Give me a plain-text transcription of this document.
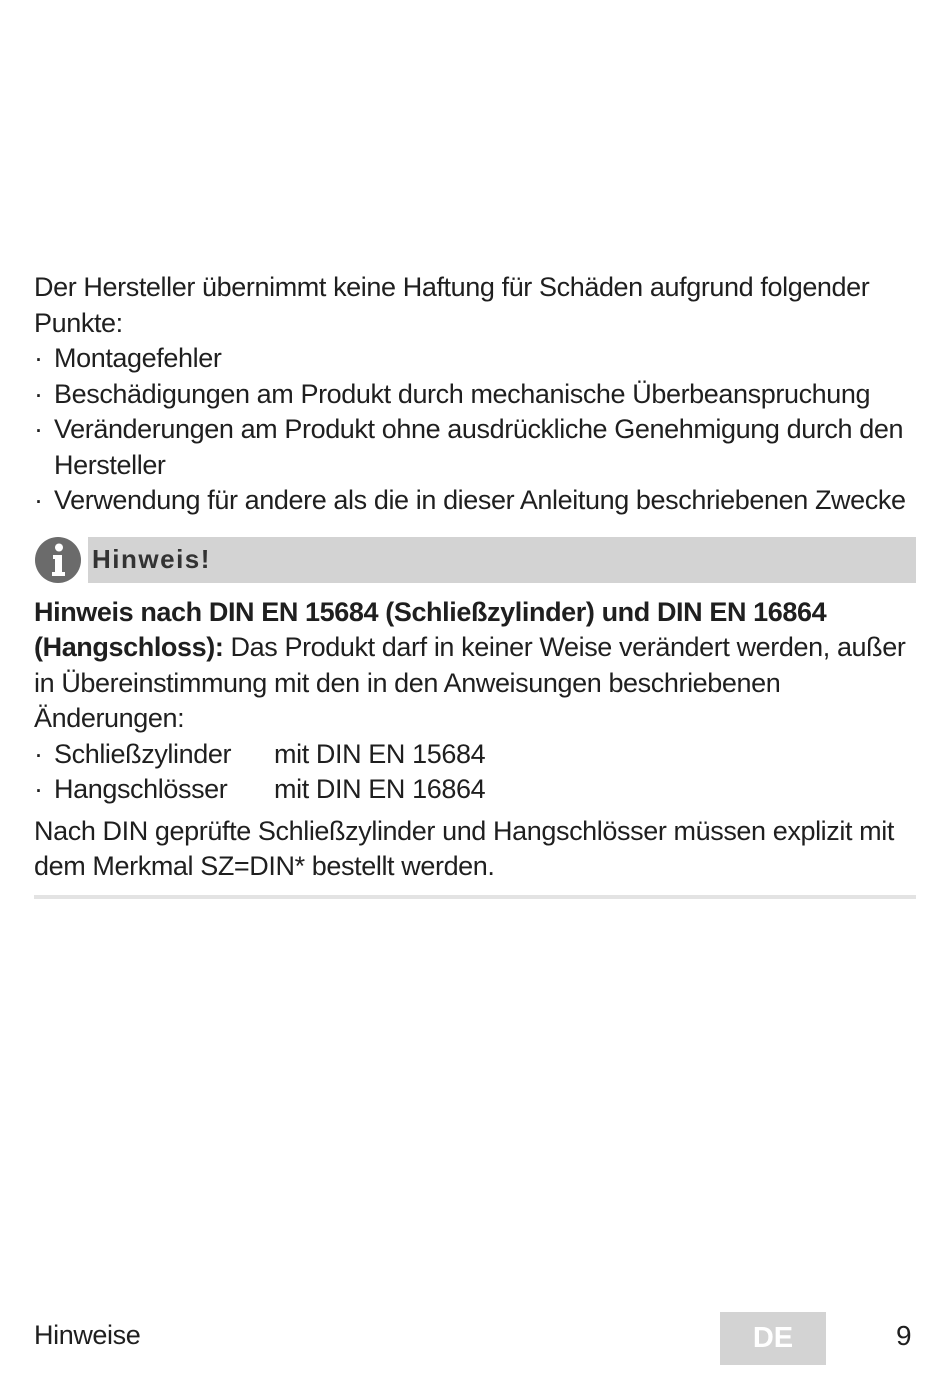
Der Hersteller übernimmt keine Haftung für Schäden aufgrund folgender Punkte:

· Montagefehler
· Beschädigungen am Produkt durch mechanische Überbeanspruchung
· Veränderungen am Produkt ohne ausdrückliche Genehmigung durch den Hersteller
· Verwendung für andere als die in dieser Anleitung beschriebenen Zwecke
Hinweis!

Hinweis nach DIN EN 15684 (Schließzylinder) und DIN EN 16864 (Hangschloss): Das Produkt darf in keiner Weise verändert werden, außer in Übereinstimmung mit den in den Anweisungen beschriebenen Änderungen:

· Schließzylinder	mit DIN EN 15684
· Hangschlösser	mit DIN EN 16864

Nach DIN geprüfte Schließzylinder und Hangschlösser müssen explizit mit dem Merkmal SZ=DIN* bestellt werden.

Hinweise	DE	9
